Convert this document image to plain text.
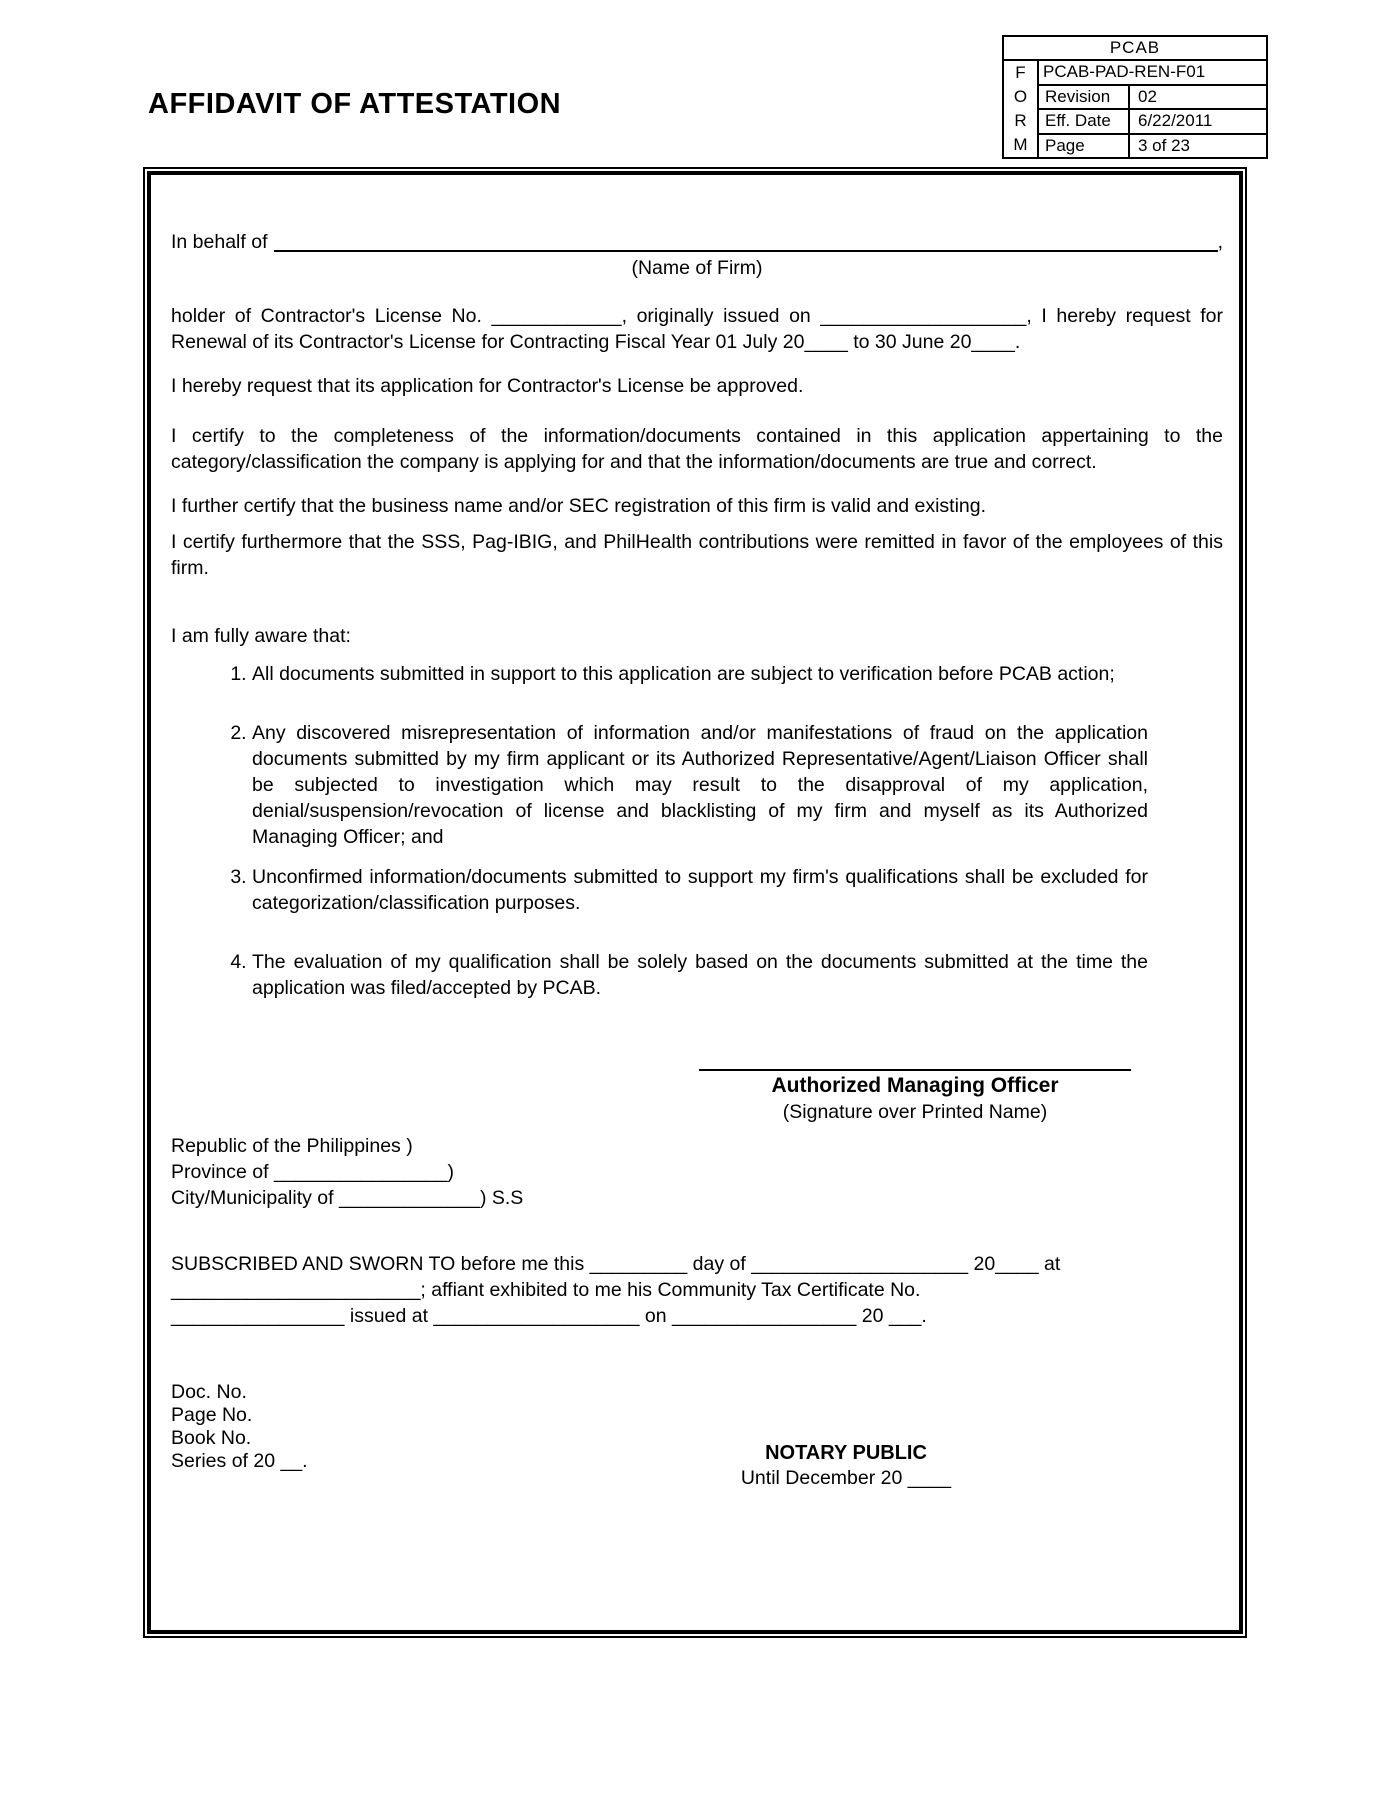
AFFIDAVIT OF ATTESTATION
PCAB		

F
O
R
M	PCAB-PAD-REN-F01	
	Revision	02
	Eff. Date	6/22/2011
	Page	3 of 23
In behalf of	,
(Name of Firm)

holder of Contractor's License No. ____________, originally issued on ___________________, I hereby request for Renewal of its Contractor's License for Contracting Fiscal Year 01 July 20____ to 30 June 20____.

I hereby request that its application for Contractor's License be approved.

I certify to the completeness of the information/documents contained in this application appertaining to the category/classification the company is applying for and that the information/documents are true and correct.

I further certify that the business name and/or SEC registration of this firm is valid and existing.

I certify furthermore that the SSS, Pag-IBIG, and PhilHealth contributions were remitted in favor of the employees of this firm.

I am fully aware that:

1. All documents submitted in support to this application are subject to verification before PCAB action;
2. Any discovered misrepresentation of information and/or manifestations of fraud on the application documents submitted by my firm applicant or its Authorized Representative/Agent/Liaison Officer shall be subjected to investigation which may result to the disapproval of my application, denial/suspension/revocation of license and blacklisting of my firm and myself as its Authorized Managing Officer; and
3. Unconfirmed information/documents submitted to support my firm's qualifications shall be excluded for categorization/classification purposes.
4. The evaluation of my qualification shall be solely based on the documents submitted at the time the application was filed/accepted by PCAB.
Authorized Managing Officer
(Signature over Printed Name)
Republic of the Philippines )
Province of ________________)
City/Municipality of _____________) S.S
SUBSCRIBED AND SWORN TO before me this _________ day of ____________________ 20____ at
_______________________; affiant exhibited to me his Community Tax Certificate No.
________________ issued at ___________________ on _________________ 20 ___.
Doc. No.
Page No.
Book No.
Series of 20 __.	NOTARY PUBLIC
Until December 20 ____
